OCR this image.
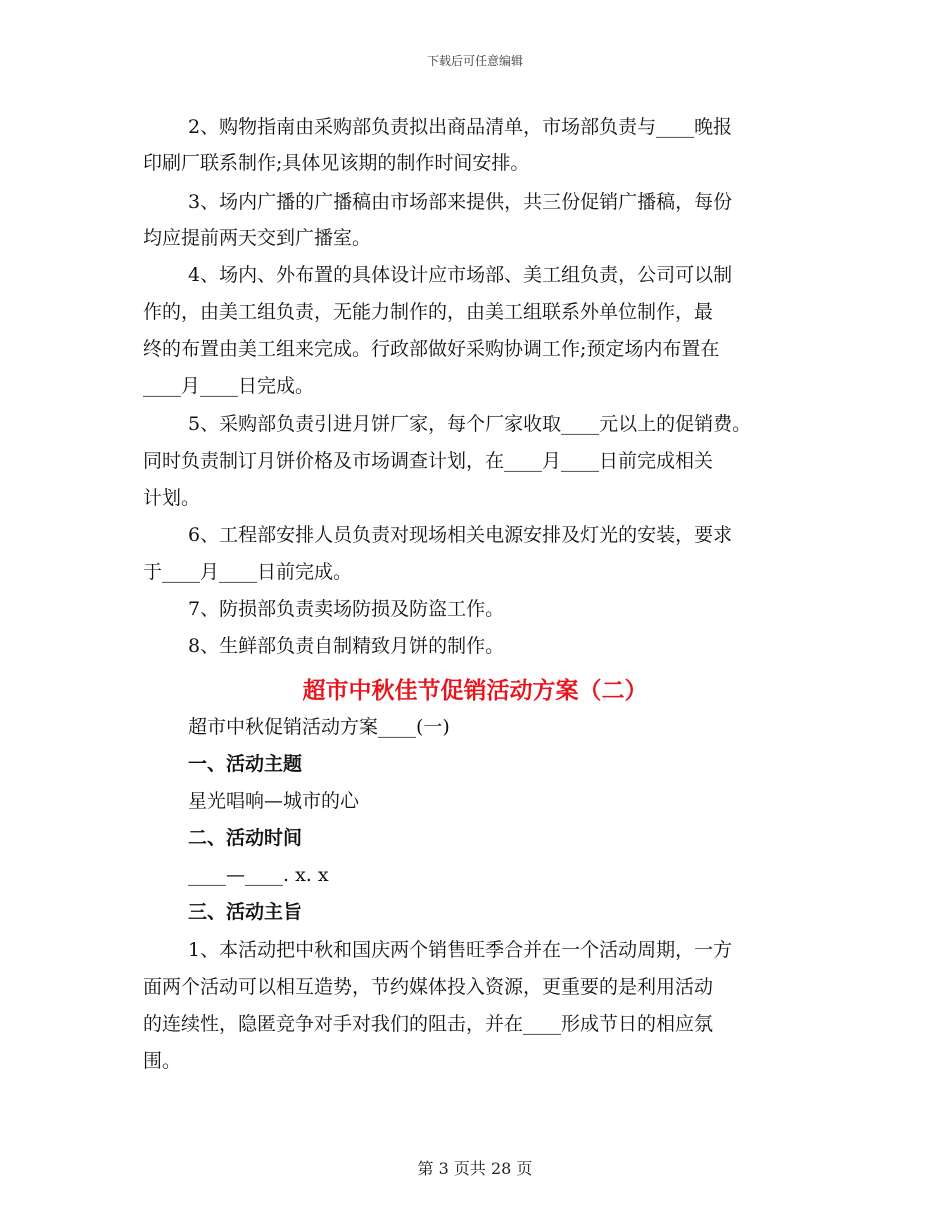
下载后可任意编辑
2、购物指南由采购部负责拟出商品清单，市场部负责与____晚报
印刷厂联系制作;具体见该期的制作时间安排。
3、场内广播的广播稿由市场部来提供，共三份促销广播稿，每份
均应提前两天交到广播室。
4、场内、外布置的具体设计应市场部、美工组负责，公司可以制
作的，由美工组负责，无能力制作的，由美工组联系外单位制作，最
终的布置由美工组来完成。行政部做好采购协调工作;预定场内布置在
____月____日完成。
5、采购部负责引进月饼厂家，每个厂家收取____元以上的促销费。
同时负责制订月饼价格及市场调查计划，在____月____日前完成相关
计划。
6、工程部安排人员负责对现场相关电源安排及灯光的安装，要求
于____月____日前完成。
7、防损部负责卖场防损及防盗工作。
8、生鲜部负责自制精致月饼的制作。
超市中秋佳节促销活动方案（二）
超市中秋促销活动方案____(一)
一、活动主题
星光唱响—城市的心
二、活动时间
____—____. x. x
三、活动主旨
1、本活动把中秋和国庆两个销售旺季合并在一个活动周期，一方
面两个活动可以相互造势，节约媒体投入资源，更重要的是利用活动
的连续性，隐匿竞争对手对我们的阻击，并在____形成节日的相应氛
围。
第 3 页共 28 页
